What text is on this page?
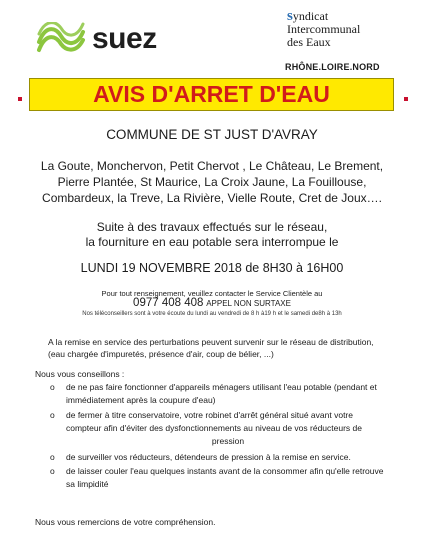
suez
syndicat
Intercommunal
des Eaux
RHÔNE.LOIRE.NORD
AVIS D'ARRET D'EAU
COMMUNE DE ST JUST D'AVRAY
La Goute, Monchervon, Petit Chervot , Le Château, Le Brement,
Pierre Plantée, St Maurice, La Croix Jaune, La Fouillouse,
Combardeux, la Treve, La Rivière, Vielle Route, Cret de Joux….
Suite à des travaux effectués sur le réseau,
la fourniture en eau potable sera interrompue le
LUNDI 19 NOVEMBRE 2018 de 8H30 à 16H00
Pour tout renseignement, veuillez contacter le Service Clientèle au
0977 408 408 APPEL NON SURTAXE
Nos téléconseillers sont à votre écoute du lundi au vendredi de 8 h à19 h et le samedi de8h à 13h
A la remise en service des perturbations peuvent survenir sur le réseau de distribution, (eau chargée d'impuretés, présence d'air, coup de bélier, ...)
Nous vous conseillons :
o de ne pas faire fonctionner d'appareils ménagers utilisant l'eau potable (pendant et
immédiatement après la coupure d'eau)
o de fermer à titre conservatoire, votre robinet d'arrêt général situé avant votre
compteur afin d'éviter des dysfonctionnements au niveau de vos réducteurs de
pression
o de surveiller vos réducteurs, détendeurs de pression à la remise en service.
o de laisser couler l'eau quelques instants avant de la consommer afin qu'elle retrouve
sa limpidité
Nous vous remercions de votre compréhension.
